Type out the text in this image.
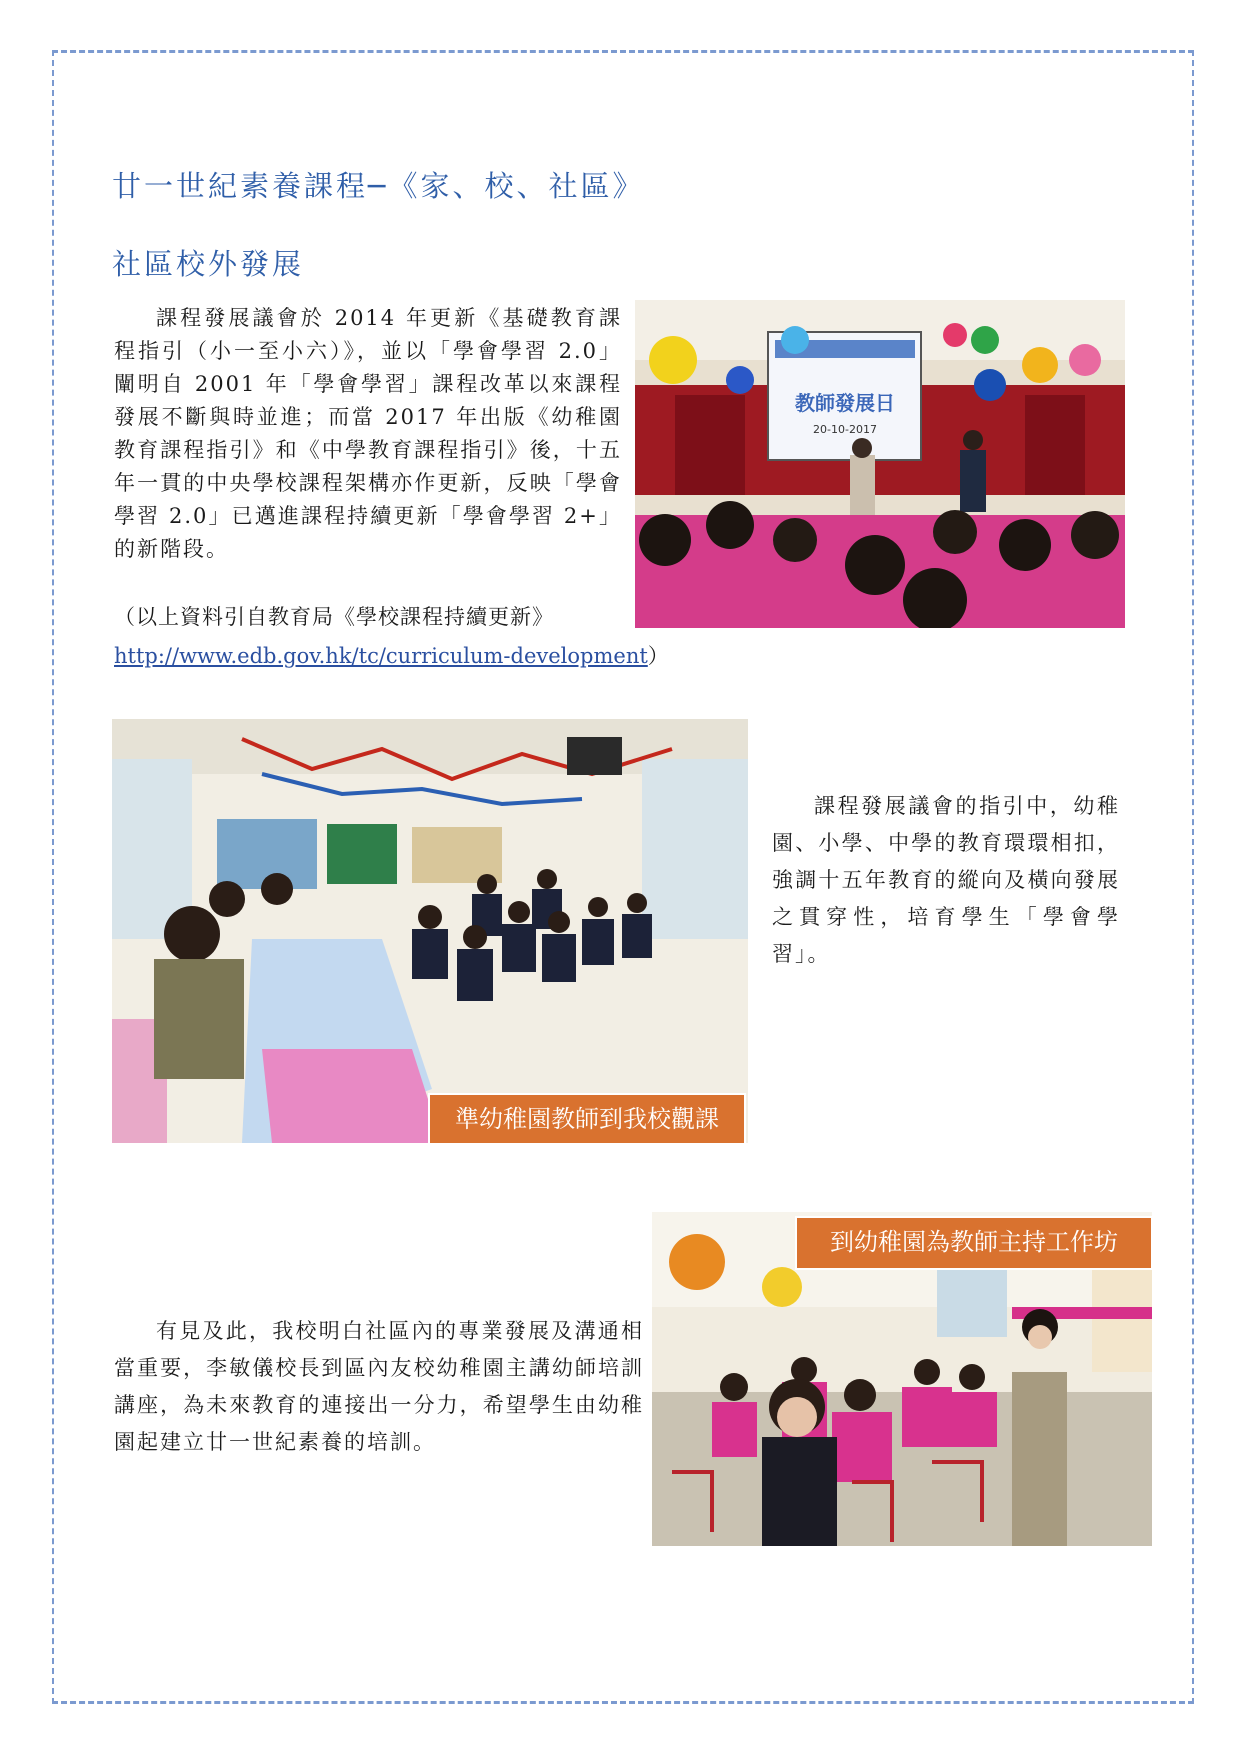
廿一世紀素養課程─《家、校、社區》
社區校外發展

課程發展議會於 2014 年更新《基礎教育課程指引（小一至小六）》，並以「學會學習 2.0」闡明自 2001 年「學會學習」課程改革以來課程發展不斷與時並進；而當 2017 年出版《幼稚園教育課程指引》和《中學教育課程指引》後，十五年一貫的中央學校課程架構亦作更新，反映「學會學習 2.0」已邁進課程持續更新「學會學習 2+」的新階段。

（以上資料引自教育局《學校課程持續更新》
http://www.edb.gov.hk/tc/curriculum-development）
教師發展日
20-10-2017
準幼稚園教師到我校觀課

課程發展議會的指引中，幼稚園、小學、中學的教育環環相扣，強調十五年教育的縱向及橫向發展之貫穿性，培育學生「學會學習」。

到幼稚園為教師主持工作坊

有見及此，我校明白社區內的專業發展及溝通相當重要，李敏儀校長到區內友校幼稚園主講幼師培訓講座，為未來教育的連接出一分力，希望學生由幼稚園起建立廿一世紀素養的培訓。
